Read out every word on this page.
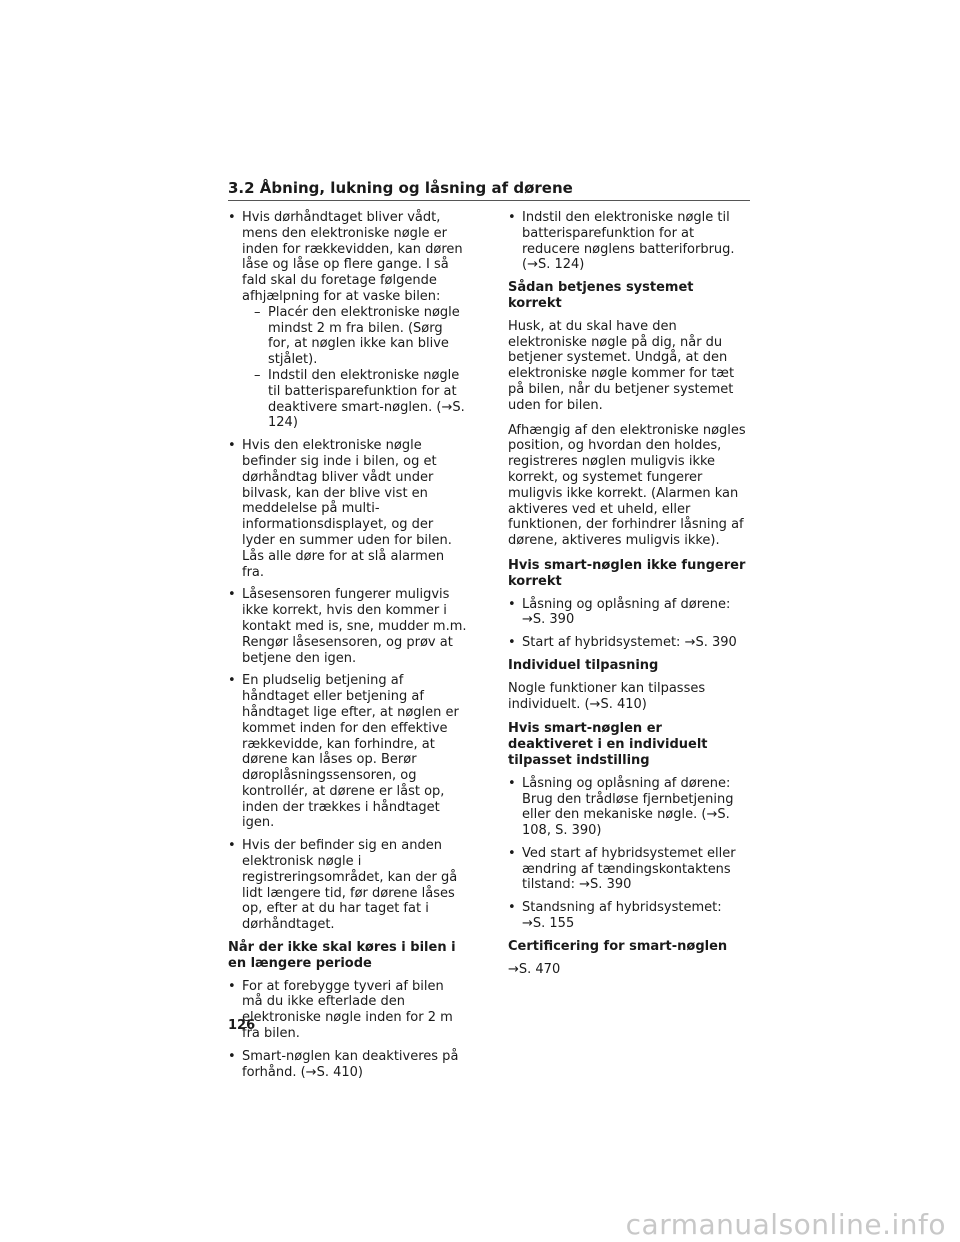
3.2 Åbning, lukning og låsning af dørene
• Hvis dørhåndtaget bliver vådt, mens den elektroniske nøgle er inden for rækkevidden, kan døren låse og låse op flere gange. I så fald skal du foretage følgende afhjælpning for at vaske bilen:
– Placér den elektroniske nøgle mindst 2 m fra bilen. (Sørg for, at nøglen ikke kan blive stjålet).
– Indstil den elektroniske nøgle til batterisparefunktion for at deaktivere smart-nøglen. (→S. 124)
• Hvis den elektroniske nøgle befinder sig inde i bilen, og et dørhåndtag bliver vådt under bilvask, kan der blive vist en meddelelse på multi-informationsdisplayet, og der lyder en summer uden for bilen. Lås alle døre for at slå alarmen fra.
• Låsesensoren fungerer muligvis ikke korrekt, hvis den kommer i kontakt med is, sne, mudder m.m. Rengør låsesensoren, og prøv at betjene den igen.
• En pludselig betjening af håndtaget eller betjening af håndtaget lige efter, at nøglen er kommet inden for den effektive rækkevidde, kan forhindre, at dørene kan låses op. Berør døroplåsningssensoren, og kontrollér, at dørene er låst op, inden der trækkes i håndtaget igen.
• Hvis der befinder sig en anden elektronisk nøgle i registreringsområdet, kan der gå lidt længere tid, før dørene låses op, efter at du har taget fat i dørhåndtaget.
Når der ikke skal køres i bilen i en længere periode
• For at forebygge tyveri af bilen må du ikke efterlade den elektroniske nøgle inden for 2 m fra bilen.
• Smart-nøglen kan deaktiveres på forhånd. (→S. 410)
• Indstil den elektroniske nøgle til batterisparefunktion for at reducere nøglens batteriforbrug. (→S. 124)
Sådan betjenes systemet korrekt
Husk, at du skal have den elektroniske nøgle på dig, når du betjener systemet. Undgå, at den elektroniske nøgle kommer for tæt på bilen, når du betjener systemet uden for bilen.
Afhængig af den elektroniske nøgles position, og hvordan den holdes, registreres nøglen muligvis ikke korrekt, og systemet fungerer muligvis ikke korrekt. (Alarmen kan aktiveres ved et uheld, eller funktionen, der forhindrer låsning af dørene, aktiveres muligvis ikke).
Hvis smart-nøglen ikke fungerer korrekt
• Låsning og oplåsning af dørene: →S. 390
• Start af hybridsystemet: →S. 390
Individuel tilpasning
Nogle funktioner kan tilpasses individuelt. (→S. 410)
Hvis smart-nøglen er deaktiveret i en individuelt tilpasset indstilling
• Låsning og oplåsning af dørene: Brug den trådløse fjernbetjening eller den mekaniske nøgle. (→S. 108, S. 390)
• Ved start af hybridsystemet eller ændring af tændingskontaktens tilstand: →S. 390
• Standsning af hybridsystemet: →S. 155
Certificering for smart-nøglen
→S. 470
126
carmanualsonline.info
